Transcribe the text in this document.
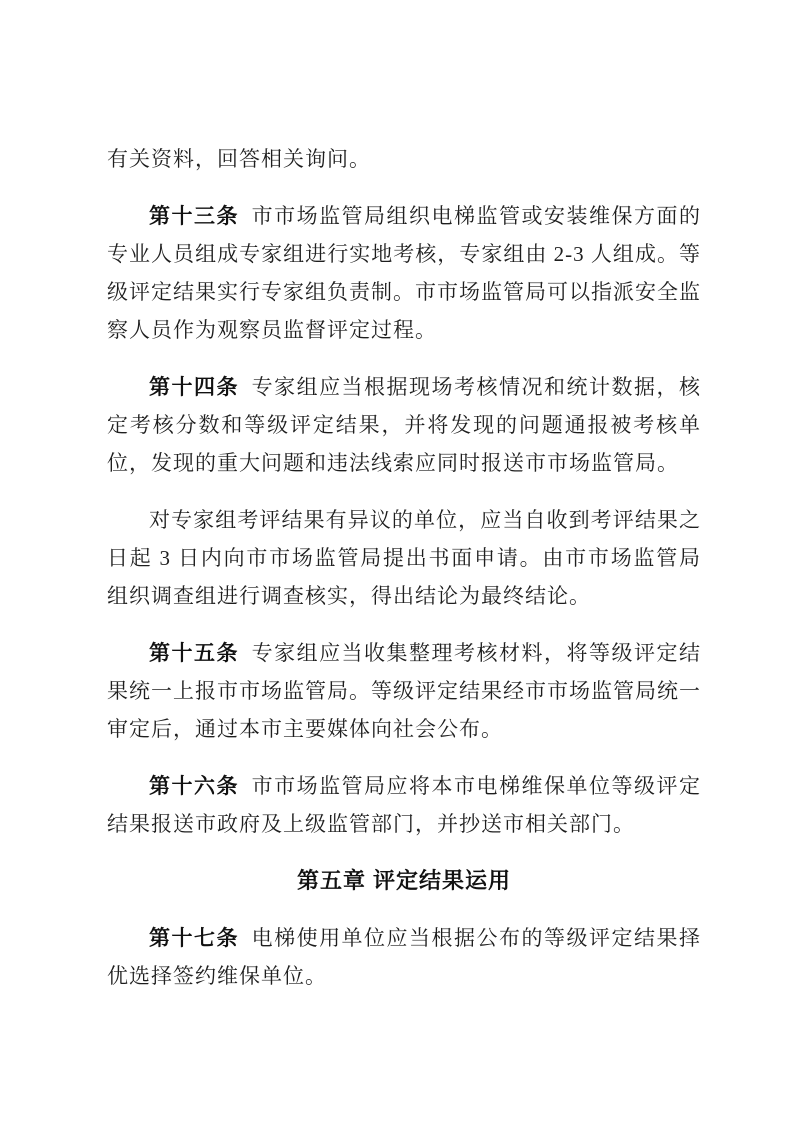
有关资料，回答相关询问。

第十三条 市市场监管局组织电梯监管或安装维保方面的专业人员组成专家组进行实地考核，专家组由 2-3 人组成。等级评定结果实行专家组负责制。市市场监管局可以指派安全监察人员作为观察员监督评定过程。

第十四条 专家组应当根据现场考核情况和统计数据，核定考核分数和等级评定结果，并将发现的问题通报被考核单位，发现的重大问题和违法线索应同时报送市市场监管局。

对专家组考评结果有异议的单位，应当自收到考评结果之日起 3 日内向市市场监管局提出书面申请。由市市场监管局组织调查组进行调查核实，得出结论为最终结论。

第十五条 专家组应当收集整理考核材料，将等级评定结果统一上报市市场监管局。等级评定结果经市市场监管局统一审定后，通过本市主要媒体向社会公布。

第十六条 市市场监管局应将本市电梯维保单位等级评定结果报送市政府及上级监管部门，并抄送市相关部门。

第五章 评定结果运用

第十七条 电梯使用单位应当根据公布的等级评定结果择优选择签约维保单位。
